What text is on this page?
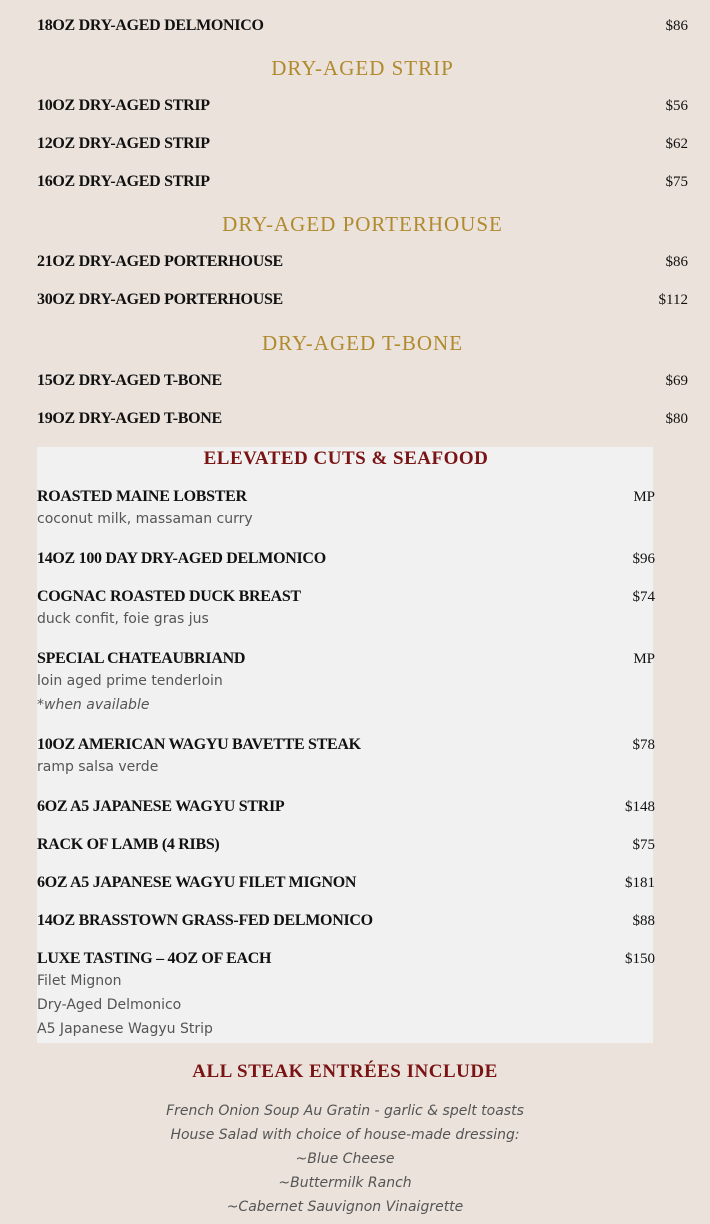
18OZ DRY-AGED DELMONICO	$86
DRY-AGED STRIP
10OZ DRY-AGED STRIP	$56
12OZ DRY-AGED STRIP	$62
16OZ DRY-AGED STRIP	$75
DRY-AGED PORTERHOUSE
21OZ DRY-AGED PORTERHOUSE	$86
30OZ DRY-AGED PORTERHOUSE	$112
DRY-AGED T-BONE
15OZ DRY-AGED T-BONE	$69
19OZ DRY-AGED T-BONE	$80
ELEVATED CUTS & SEAFOOD
ROASTED MAINE LOBSTER	MP
coconut milk, massaman curry
14OZ 100 DAY DRY-AGED DELMONICO	$96
COGNAC ROASTED DUCK BREAST	$74
duck confit, foie gras jus
SPECIAL CHATEAUBRIAND	MP
loin aged prime tenderloin
*when available
10OZ AMERICAN WAGYU BAVETTE STEAK	$78
ramp salsa verde
6OZ A5 JAPANESE WAGYU STRIP	$148
RACK OF LAMB (4 RIBS)	$75
6OZ A5 JAPANESE WAGYU FILET MIGNON	$181
14OZ BRASSTOWN GRASS-FED DELMONICO	$88
LUXE TASTING – 4OZ OF EACH	$150
Filet Mignon
Dry-Aged Delmonico
A5 Japanese Wagyu Strip
ALL STEAK ENTRÉES INCLUDE
French Onion Soup Au Gratin - garlic & spelt toasts
House Salad with choice of house-made dressing:
~Blue Cheese
~Buttermilk Ranch
~Cabernet Sauvignon Vinaigrette
